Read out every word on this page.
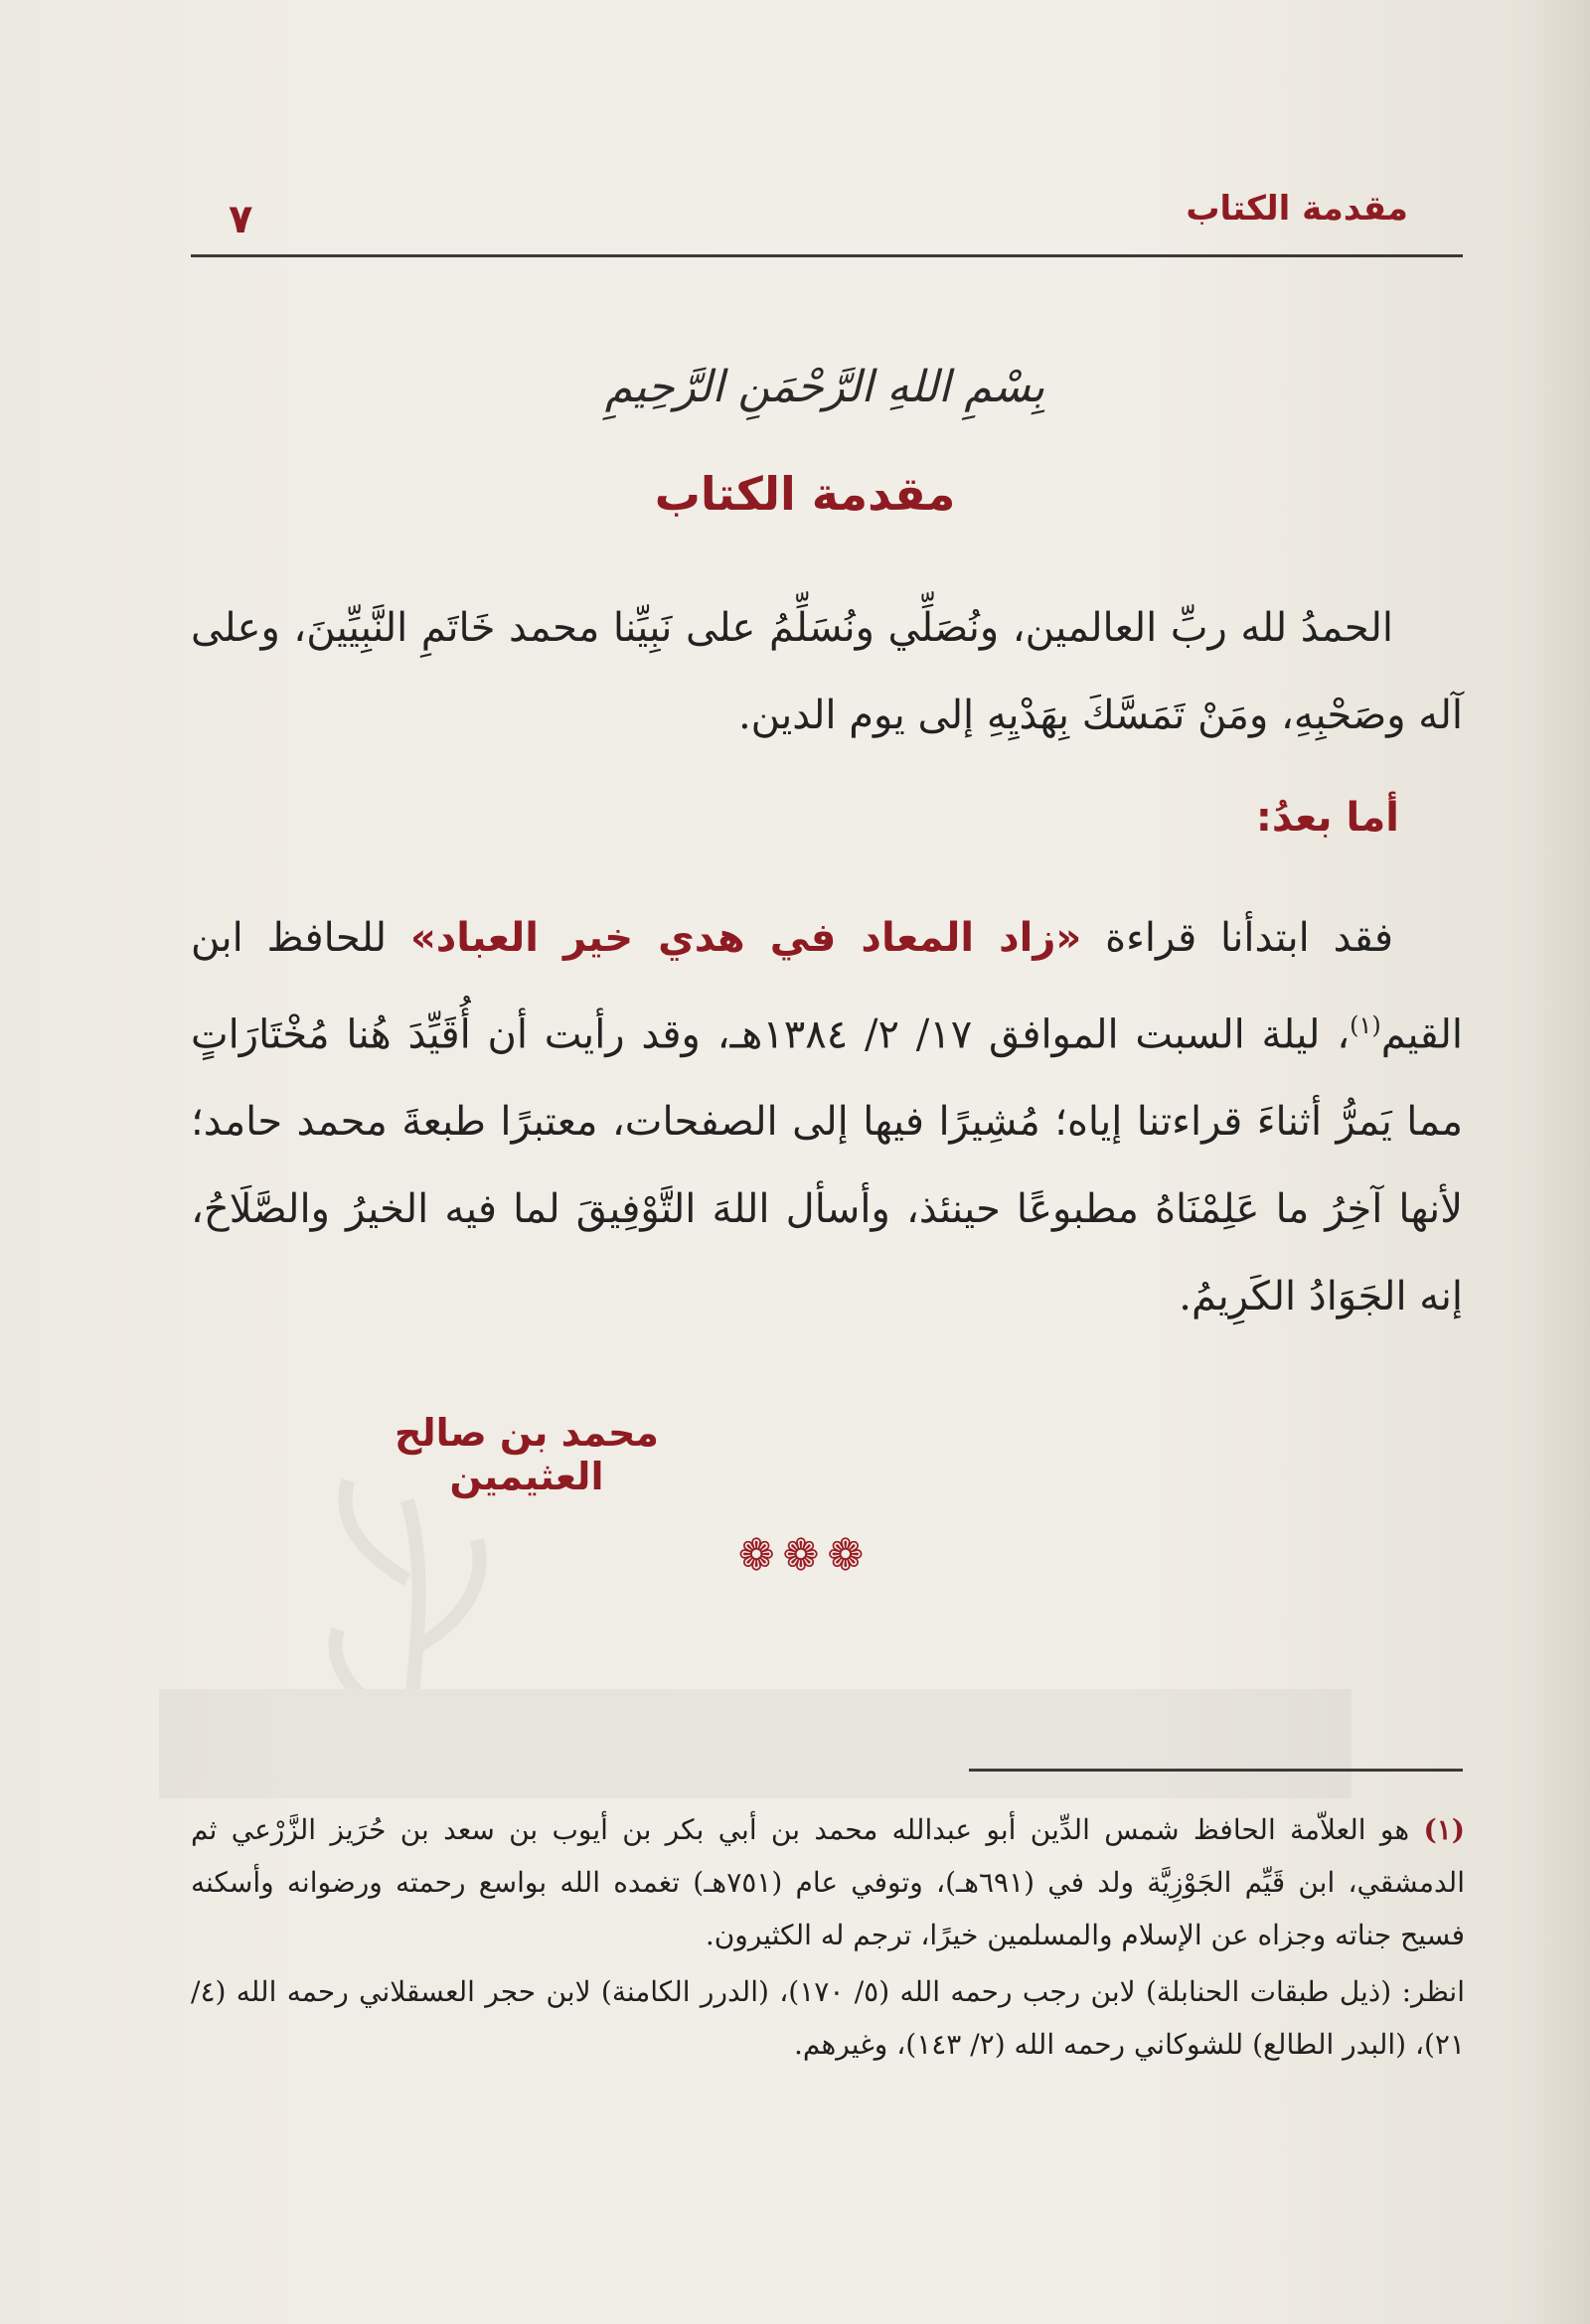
مقدمة الكتاب
٧
بِسْمِ اللهِ الرَّحْمَنِ الرَّحِيمِ
مقدمة الكتاب

الحمدُ لله ربِّ العالمين، ونُصَلِّي ونُسَلِّمُ على نَبِيِّنا محمد خَاتَمِ النَّبِيِّينَ، وعلى آله وصَحْبِهِ، ومَنْ تَمَسَّكَ بِهَدْيِهِ إلى يوم الدين.

أما بعدُ:

فقد ابتدأنا قراءة «زاد المعاد في هدي خير العباد» للحافظ ابن القيم$^{(١)}$، ليلة السبت الموافق ١٧/ ٢/ ١٣٨٤هـ، وقد رأيت أن أُقَيِّدَ هُنا مُخْتَارَاتٍ مما يَمرُّ أثناءَ قراءتنا إياه؛ مُشِيرًا فيها إلى الصفحات، معتبرًا طبعةَ محمد حامد؛ لأنها آخِرُ ما عَلِمْنَاهُ مطبوعًا حينئذ، وأسأل اللهَ التَّوْفِيقَ لما فيه الخيرُ والصَّلَاحُ، إنه الجَوَادُ الكَرِيمُ.

محمد بن صالح العثيمين
❁❁❁
(١) هو العلاّمة الحافظ شمس الدِّين أبو عبدالله محمد بن أبي بكر بن أيوب بن سعد بن حُرَيز الزَّرْعي ثم الدمشقي، ابن قَيِّم الجَوْزِيَّة ولد في (٦٩١هـ)، وتوفي عام (٧٥١هـ) تغمده الله بواسع رحمته ورضوانه وأسكنه فسيح جناته وجزاه عن الإسلام والمسلمين خيرًا، ترجم له الكثيرون.
انظر: (ذيل طبقات الحنابلة) لابن رجب رحمه الله (٥/ ١٧٠)، (الدرر الكامنة) لابن حجر العسقلاني رحمه الله (٤/ ٢١)، (البدر الطالع) للشوكاني رحمه الله (٢/ ١٤٣)، وغيرهم.
